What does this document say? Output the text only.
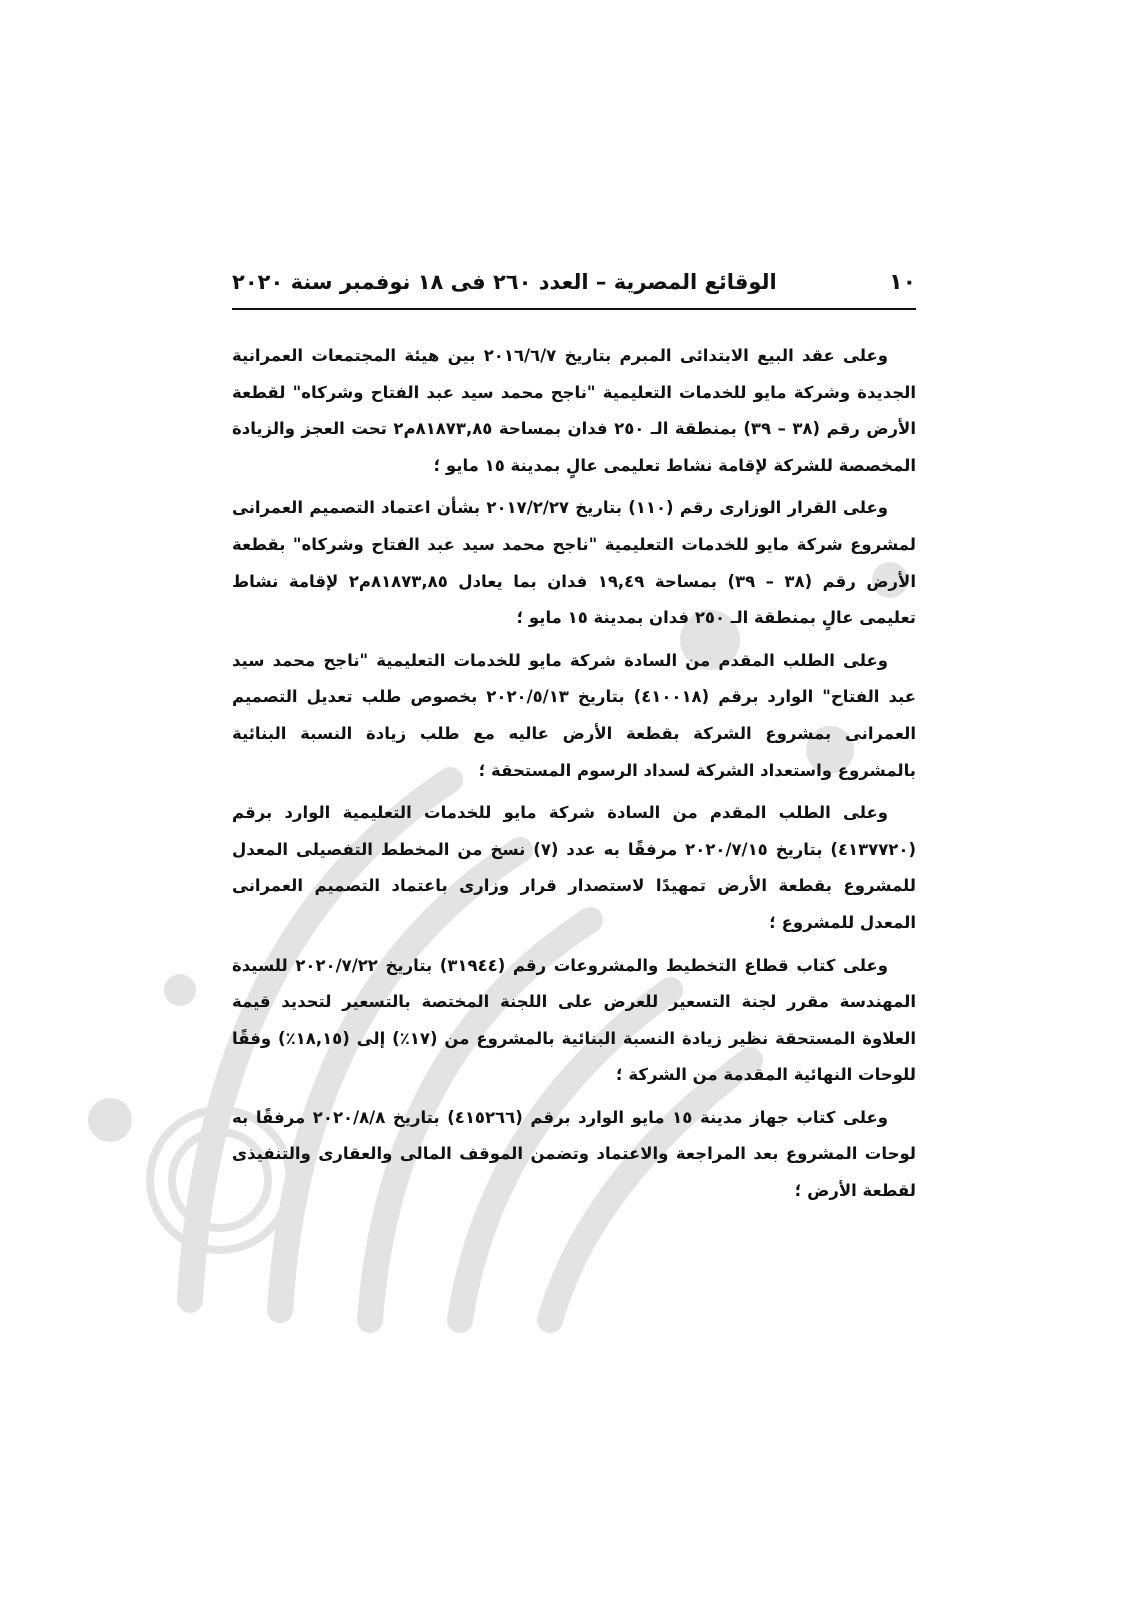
١٠
الوقائع المصرية – العدد ٢٦٠ فى ١٨ نوفمبر سنة ٢٠٢٠

وعلى عقد البيع الابتدائى المبرم بتاريخ ٢٠١٦/٦/٧ بين هيئة المجتمعات العمرانية الجديدة وشركة مايو للخدمات التعليمية "ناجح محمد سيد عبد الفتاح وشركاه" لقطعة الأرض رقم (٣٨ – ٣٩) بمنطقة الـ ٢٥٠ فدان بمساحة ٨١٨٧٣,٨٥م٢ تحت العجز والزيادة المخصصة للشركة لإقامة نشاط تعليمى عالٍ بمدينة ١٥ مايو ؛

وعلى القرار الوزارى رقم (١١٠) بتاريخ ٢٠١٧/٢/٢٧ بشأن اعتماد التصميم العمرانى لمشروع شركة مايو للخدمات التعليمية "ناجح محمد سيد عبد الفتاح وشركاه" بقطعة الأرض رقم (٣٨ – ٣٩) بمساحة ١٩,٤٩ فدان بما يعادل ٨١٨٧٣,٨٥م٢ لإقامة نشاط تعليمى عالٍ بمنطقة الـ ٢٥٠ فدان بمدينة ١٥ مايو ؛

وعلى الطلب المقدم من السادة شركة مايو للخدمات التعليمية "ناجح محمد سيد عبد الفتاح" الوارد برقم (٤١٠٠١٨) بتاريخ ٢٠٢٠/٥/١٣ بخصوص طلب تعديل التصميم العمرانى بمشروع الشركة بقطعة الأرض عاليه مع طلب زيادة النسبة البنائية بالمشروع واستعداد الشركة لسداد الرسوم المستحقة ؛

وعلى الطلب المقدم من السادة شركة مايو للخدمات التعليمية الوارد برقم (٤١٣٧٧٢٠) بتاريخ ٢٠٢٠/٧/١٥ مرفقًا به عدد (٧) نسخ من المخطط التفصيلى المعدل للمشروع بقطعة الأرض تمهيدًا لاستصدار قرار وزارى باعتماد التصميم العمرانى المعدل للمشروع ؛

وعلى كتاب قطاع التخطيط والمشروعات رقم (٣١٩٤٤) بتاريخ ٢٠٢٠/٧/٢٢ للسيدة المهندسة مقرر لجنة التسعير للعرض على اللجنة المختصة بالتسعير لتحديد قيمة العلاوة المستحقة نظير زيادة النسبة البنائية بالمشروع من (١٧٪) إلى (١٨,١٥٪) وفقًا للوحات النهائية المقدمة من الشركة ؛

وعلى كتاب جهاز مدينة ١٥ مايو الوارد برقم (٤١٥٢٦٦) بتاريخ ٢٠٢٠/٨/٨ مرفقًا به لوحات المشروع بعد المراجعة والاعتماد وتضمن الموقف المالى والعقارى والتنفيذى لقطعة الأرض ؛
